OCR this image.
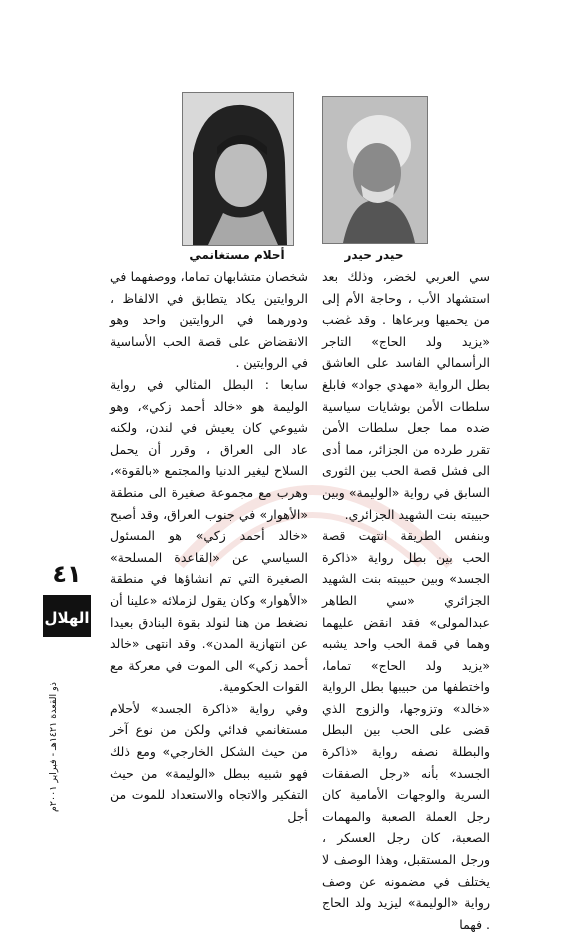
أحلام مستغانمي	حيدر حيدر

سي العربي لخضر، وذلك بعد استشهاد الأب ، وحاجة الأم إلى من يحميها وبرعاها . وقد غضب «يزيد ولد الحاج» التاجر الرأسمالي الفاسد على العاشق بطل الرواية «مهدي جواد» فابلغ سلطات الأمن بوشايات سياسية ضده مما جعل سلطات الأمن تقرر طرده من الجزائر، مما أدى الى فشل قصة الحب بين الثورى السابق في رواية «الوليمة» وبين حبيبته بنت الشهيد الجزائري.

وبنفس الطريقة انتهت قصة الحب بين بطل رواية «ذاكرة الجسد» وبين حبيبته بنت الشهيد الجزائري «سي الطاهر عبدالمولى» فقد انقض عليهما وهما في قمة الحب واحد يشبه «يزيد ولد الحاج» تماما، واختطفها من حبيبها بطل الرواية «خالد» وتزوجها، والزوج الذي قضى على الحب بين البطل والبطلة نصفه رواية «ذاكرة الجسد» بأنه «رجل الصفقات السرية والوجهات الأمامية كان رجل العملة الصعبة والمهمات الصعبة، كان رجل العسكر ، ورجل المستقبل، وهذا الوصف لا يختلف في مضمونه عن وصف رواية «الوليمة» ليزيد ولد الحاج . فهما

شخصان متشابهان تماما، ووصفهما في الروايتين يكاد يتطابق في الالفاظ ، ودورهما في الروايتين واحد وهو الانقضاض على قصة الحب الأساسية في الروايتين .

سابعا : البطل المثالي في رواية الوليمة هو «خالد أحمد زكي»، وهو شيوعي كان يعيش في لندن، ولكنه عاد الى العراق ، وقرر أن يحمل السلاح ليغير الدنيا والمجتمع «بالقوة»، وهرب مع مجموعة صغيرة الى منطقة «الأهوار» في جنوب العراق، وقد أصبح «خالد أحمد زكي» هو المسئول السياسي عن «القاعدة المسلحة» الصغيرة التي تم انشاؤها في منطقة «الأهوار» وكان يقول لزملائه «علينا أن نضغط من هنا لنولد بقوة البنادق بعيدا عن انتهازية المدن». وقد انتهى «خالد أحمد زكي» الى الموت في معركة مع القوات الحكومية.

وفي رواية «ذاكرة الجسد» لأحلام مستغانمي فدائي ولكن من نوع آخر من حيث الشكل الخارجي» ومع ذلك فهو شبيه ببطل «الوليمة» من حيث التفكير والاتجاه والاستعداد للموت من أجل

٤١
الهلال
ذو القعدة ١٤٢١هـ - فبراير ٢٠٠١م
